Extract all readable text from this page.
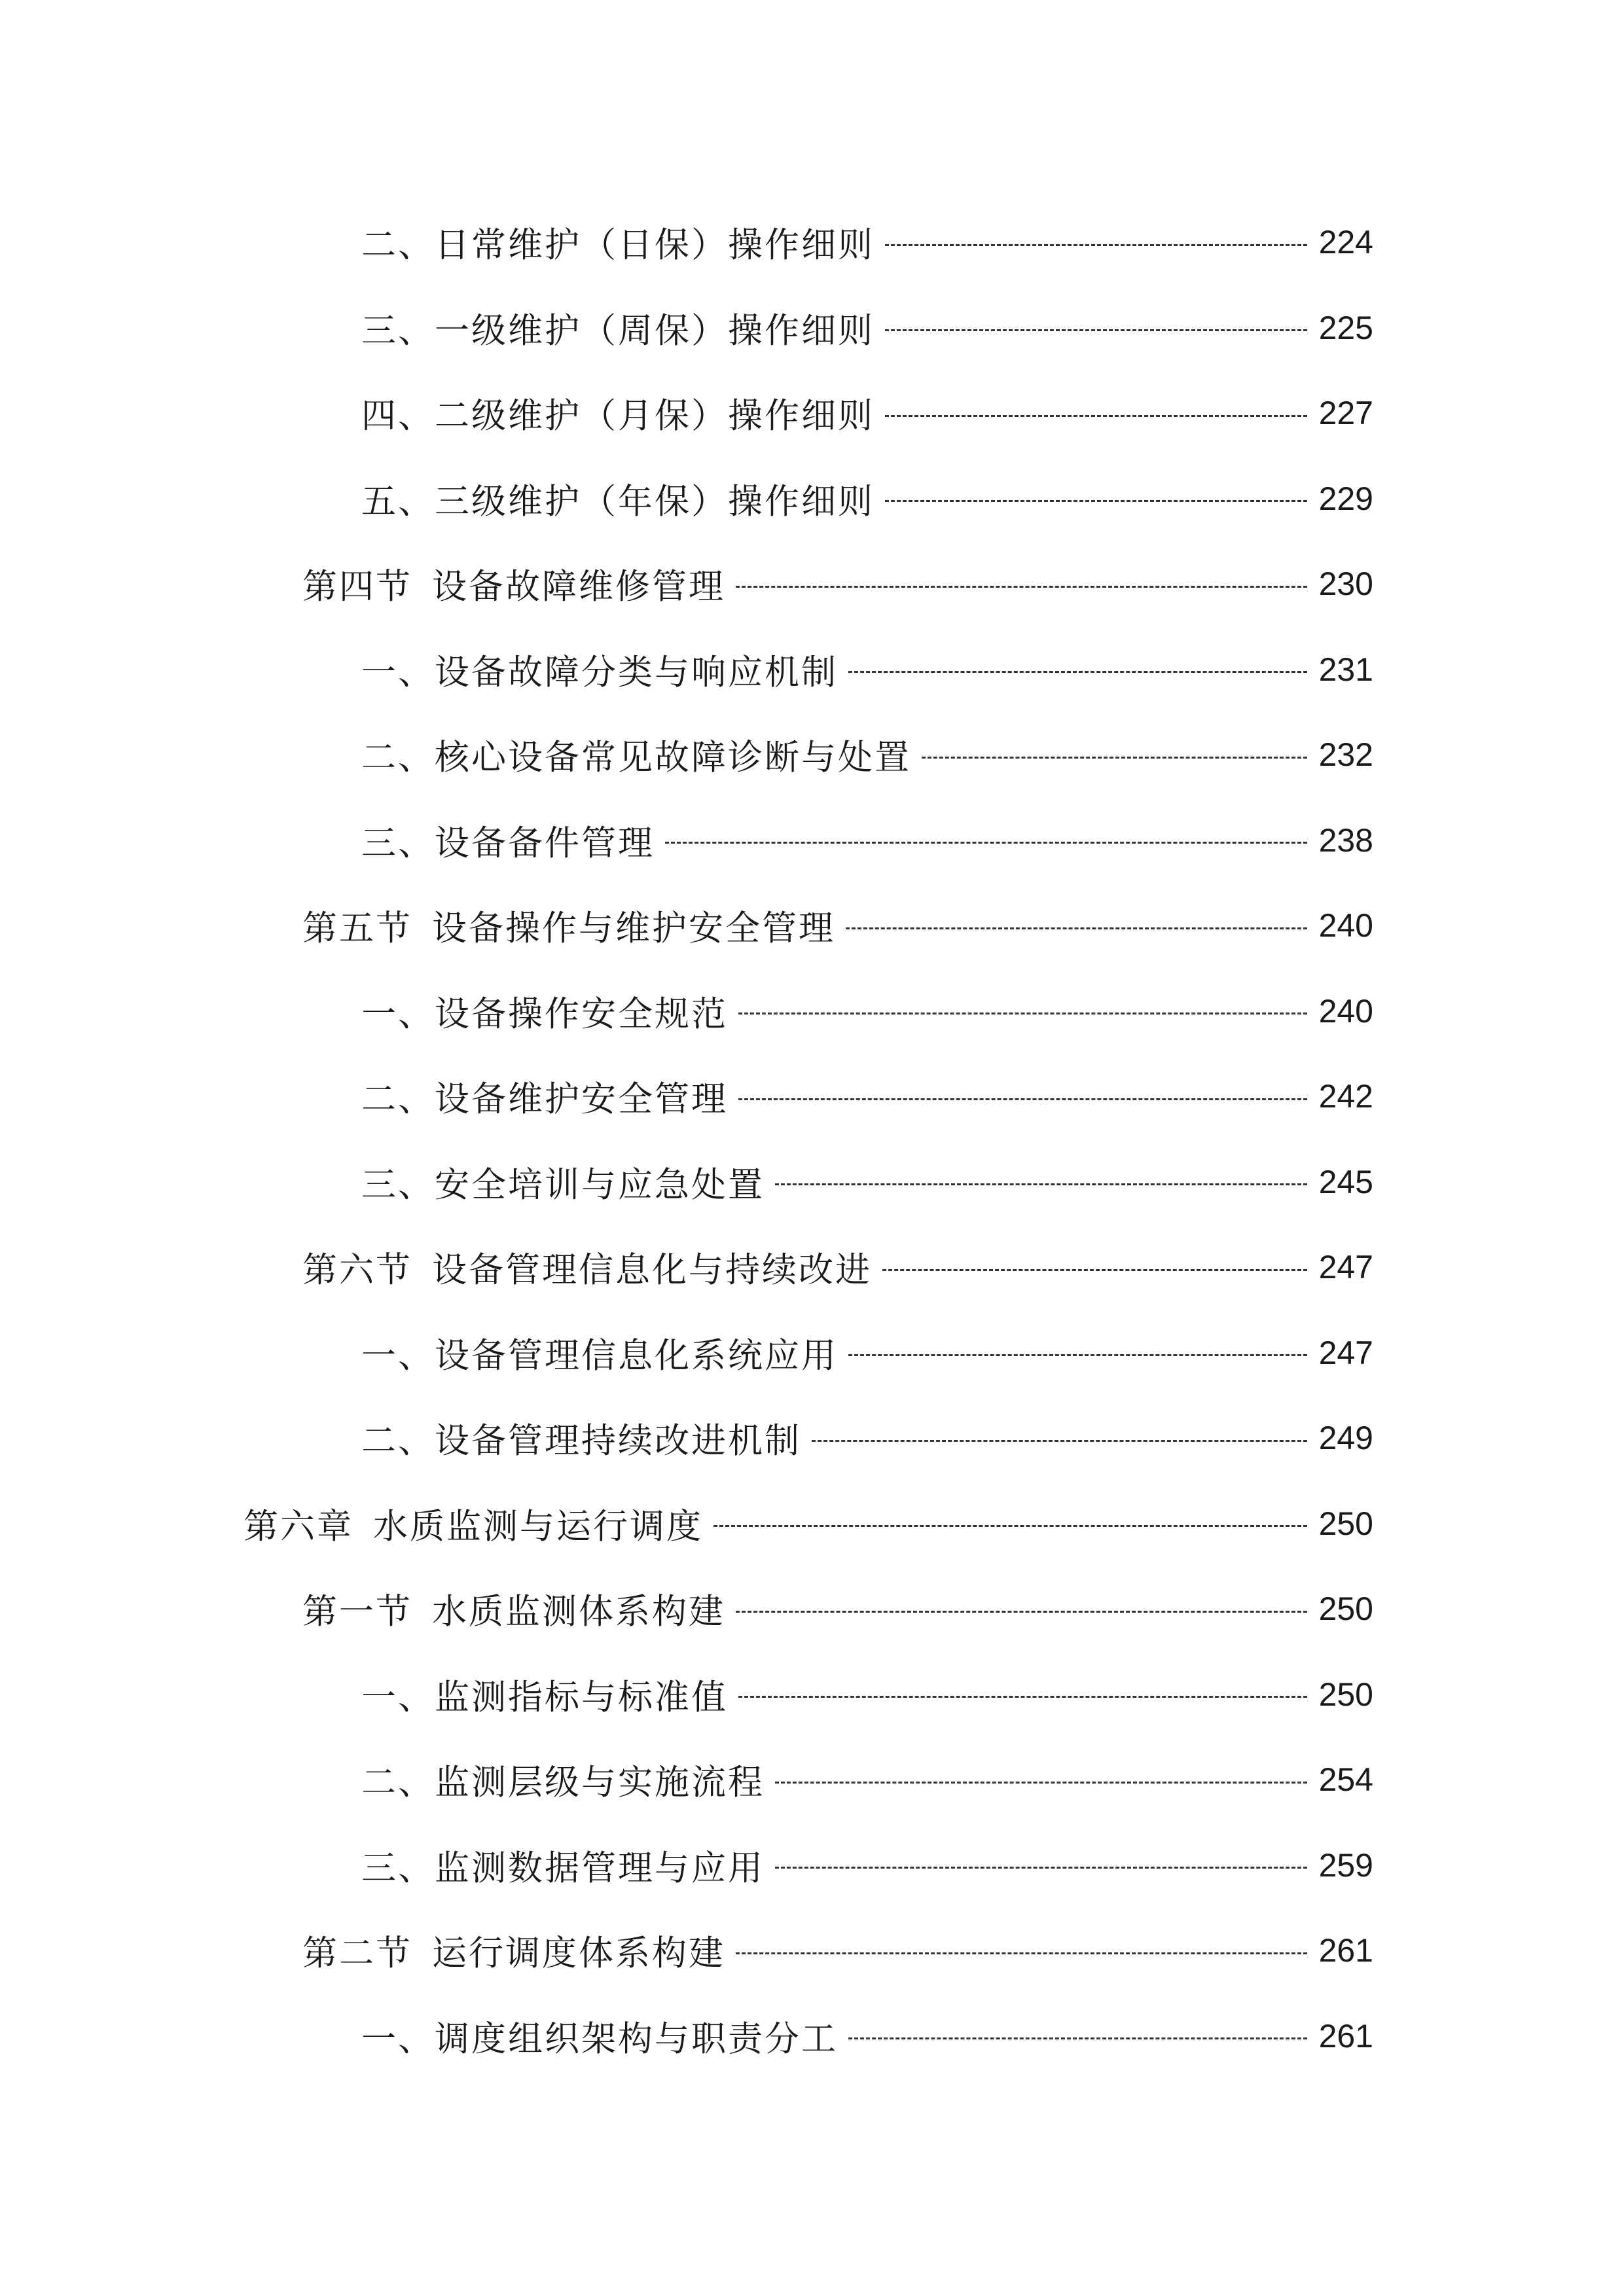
二、日常维护（日保）操作细则	224
三、一级维护（周保）操作细则	225
四、二级维护（月保）操作细则	227
五、三级维护（年保）操作细则	229
第四节 设备故障维修管理	230
一、设备故障分类与响应机制	231
二、核心设备常见故障诊断与处置	232
三、设备备件管理	238
第五节 设备操作与维护安全管理	240
一、设备操作安全规范	240
二、设备维护安全管理	242
三、安全培训与应急处置	245
第六节 设备管理信息化与持续改进	247
一、设备管理信息化系统应用	247
二、设备管理持续改进机制	249
第六章 水质监测与运行调度	250
第一节 水质监测体系构建	250
一、监测指标与标准值	250
二、监测层级与实施流程	254
三、监测数据管理与应用	259
第二节 运行调度体系构建	261
一、调度组织架构与职责分工	261
